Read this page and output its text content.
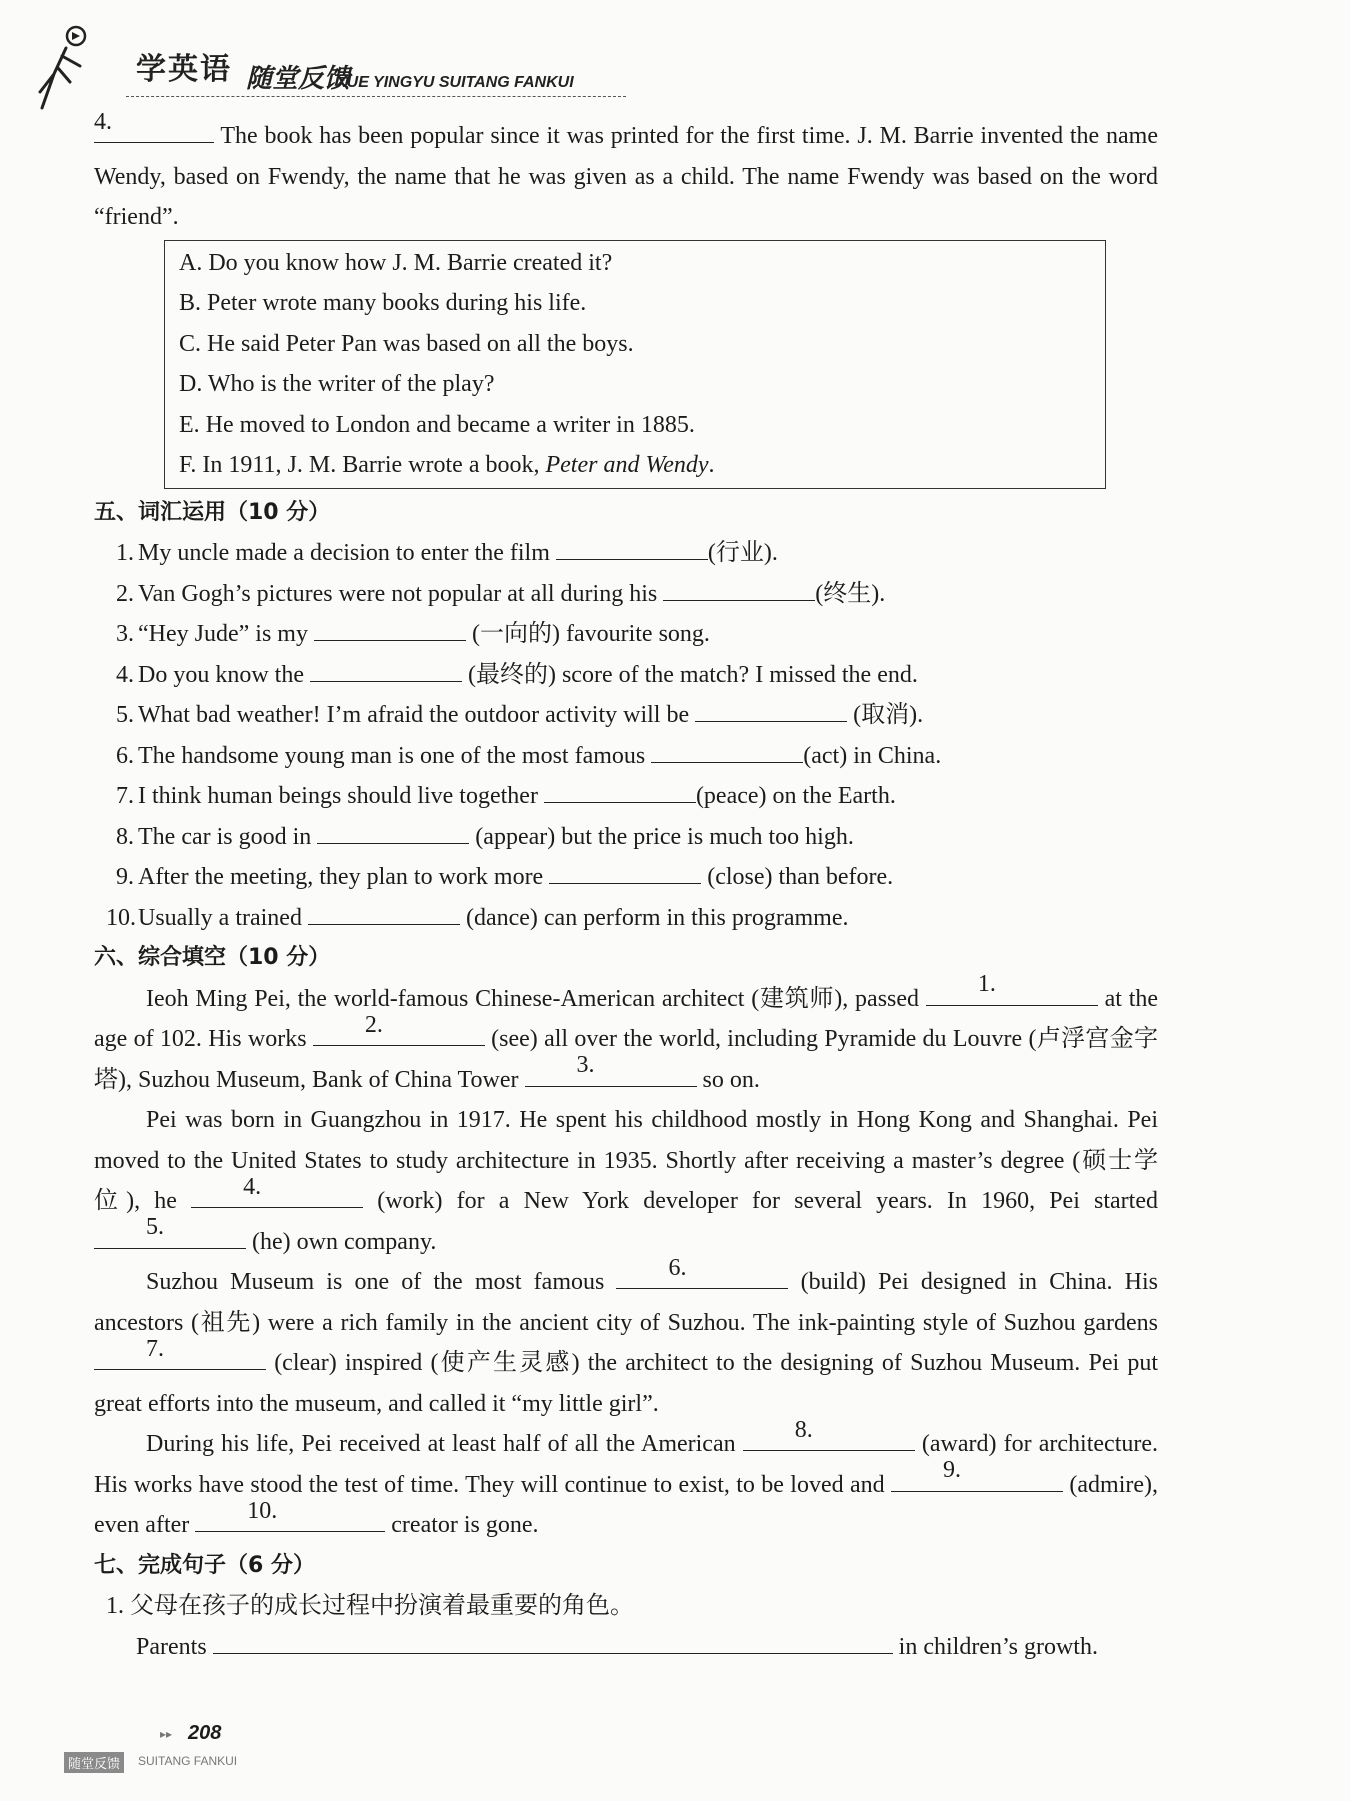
学英语 随堂反馈
XUE YINGYU SUITANG FANKUI

4.
The book has been popular since it was printed for the first time. J. M. Barrie invented the name Wendy, based on Fwendy, the name that he was given as a child. The name Fwendy was based on the word “friend”.

A. Do you know how J. M. Barrie created it?

B. Peter wrote many books during his life.

C. He said Peter Pan was based on all the boys.

D. Who is the writer of the play?

E. He moved to London and became a writer in 1885.

F. In 1911, J. M. Barrie wrote a book, Peter and Wendy.

五、词汇运用（10 分）

1. My uncle made a decision to enter the film	(行业).

2. Van Gogh’s pictures were not popular at all during his	(终生).

3. “Hey Jude” is my	(一向的) favourite song.

4. Do you know the	(最终的) score of the match? I missed the end.

5. What bad weather! I’m afraid the outdoor activity will be	(取消).

6. The handsome young man is one of the most famous	(act) in China.

7. I think human beings should live together	(peace) on the Earth.

8. The car is good in	(appear) but the price is much too high.

9. After the meeting, they plan to work more	(close) than before.

10.Usually a trained	(dance) can perform in this programme.

六、综合填空（10 分）

Ieoh Ming Pei, the world-famous Chinese-American architect (建筑师), passed
1.
at the age of 102. His works
2.
(see) all over the world, including Pyramide du Louvre (卢浮宫金字塔), Suzhou Museum, Bank of China Tower
3.
so on.

Pei was born in Guangzhou in 1917. He spent his childhood mostly in Hong Kong and Shanghai. Pei moved to the United States to study architecture in 1935. Shortly after receiving a master’s degree (硕士学位), he
4.
(work) for a New York developer for several years. In 1960, Pei started
5.
(he) own company.

Suzhou Museum is one of the most famous
6.
(build) Pei designed in China. His ancestors (祖先) were a rich family in the ancient city of Suzhou. The ink-painting style of Suzhou gardens
7.
(clear) inspired (使产生灵感) the architect to the designing of Suzhou Museum. Pei put great efforts into the museum, and called it “my little girl”.

During his life, Pei received at least half of all the American
8.
(award) for architecture. His works have stood the test of time. They will continue to exist, to be loved and
9.
(admire), even after
10.
creator is gone.

七、完成句子（6 分）

1. 父母在孩子的成长过程中扮演着最重要的角色。

Parents	in children’s growth.

▸▸ 208
随堂反馈	SUITANG FANKUI
